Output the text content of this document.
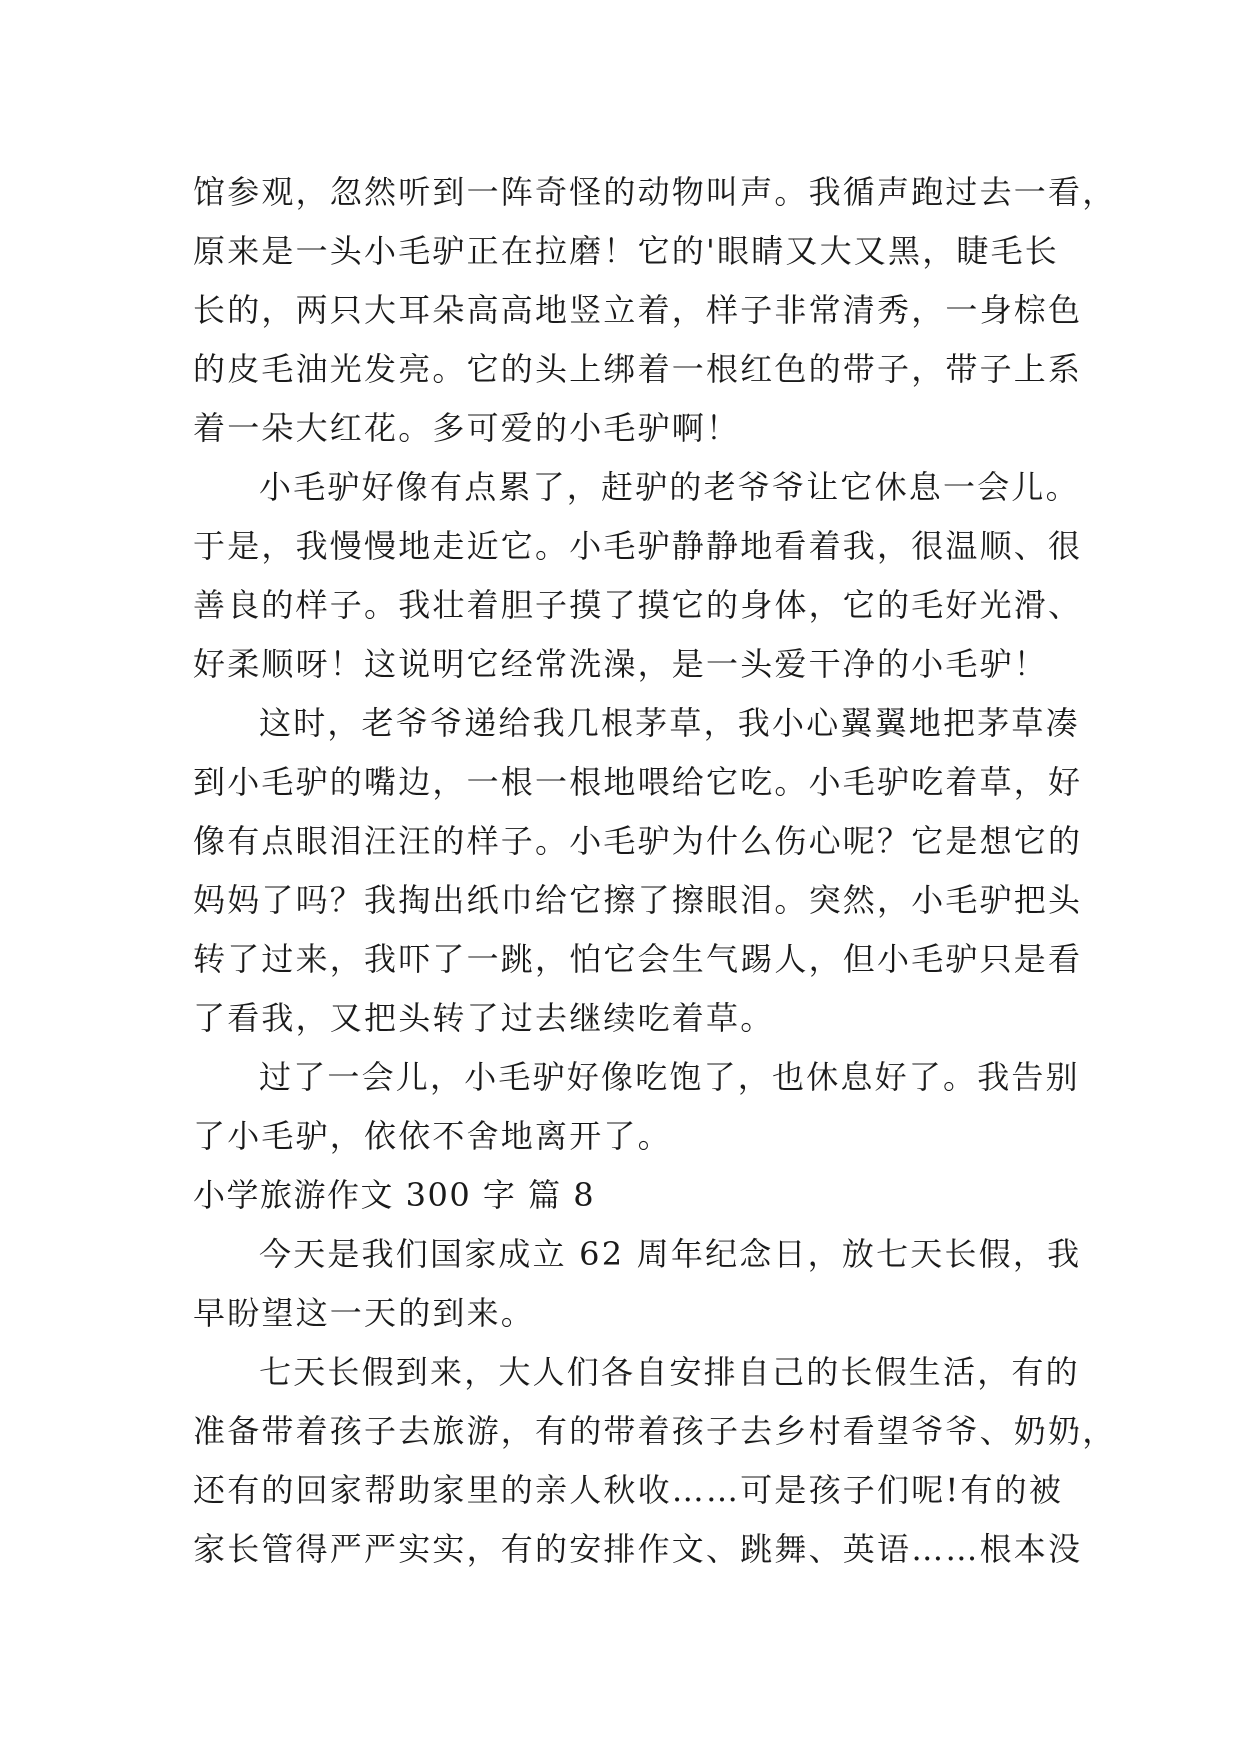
馆参观，忽然听到一阵奇怪的动物叫声。我循声跑过去一看，
原来是一头小毛驴正在拉磨！它的'眼睛又大又黑，睫毛长
长的，两只大耳朵高高地竖立着，样子非常清秀，一身棕色
的皮毛油光发亮。它的头上绑着一根红色的带子，带子上系
着一朵大红花。多可爱的小毛驴啊！
小毛驴好像有点累了，赶驴的老爷爷让它休息一会儿。
于是，我慢慢地走近它。小毛驴静静地看着我，很温顺、很
善良的样子。我壮着胆子摸了摸它的身体，它的毛好光滑、
好柔顺呀！这说明它经常洗澡，是一头爱干净的小毛驴！
这时，老爷爷递给我几根茅草，我小心翼翼地把茅草凑
到小毛驴的嘴边，一根一根地喂给它吃。小毛驴吃着草，好
像有点眼泪汪汪的样子。小毛驴为什么伤心呢？它是想它的
妈妈了吗？我掏出纸巾给它擦了擦眼泪。突然，小毛驴把头
转了过来，我吓了一跳，怕它会生气踢人，但小毛驴只是看
了看我，又把头转了过去继续吃着草。
过了一会儿，小毛驴好像吃饱了，也休息好了。我告别
了小毛驴，依依不舍地离开了。
小学旅游作文 300 字 篇 8
今天是我们国家成立 62 周年纪念日，放七天长假，我
早盼望这一天的到来。
七天长假到来，大人们各自安排自己的长假生活，有的
准备带着孩子去旅游，有的带着孩子去乡村看望爷爷、奶奶，
还有的回家帮助家里的亲人秋收……可是孩子们呢!有的被
家长管得严严实实，有的安排作文、跳舞、英语……根本没
